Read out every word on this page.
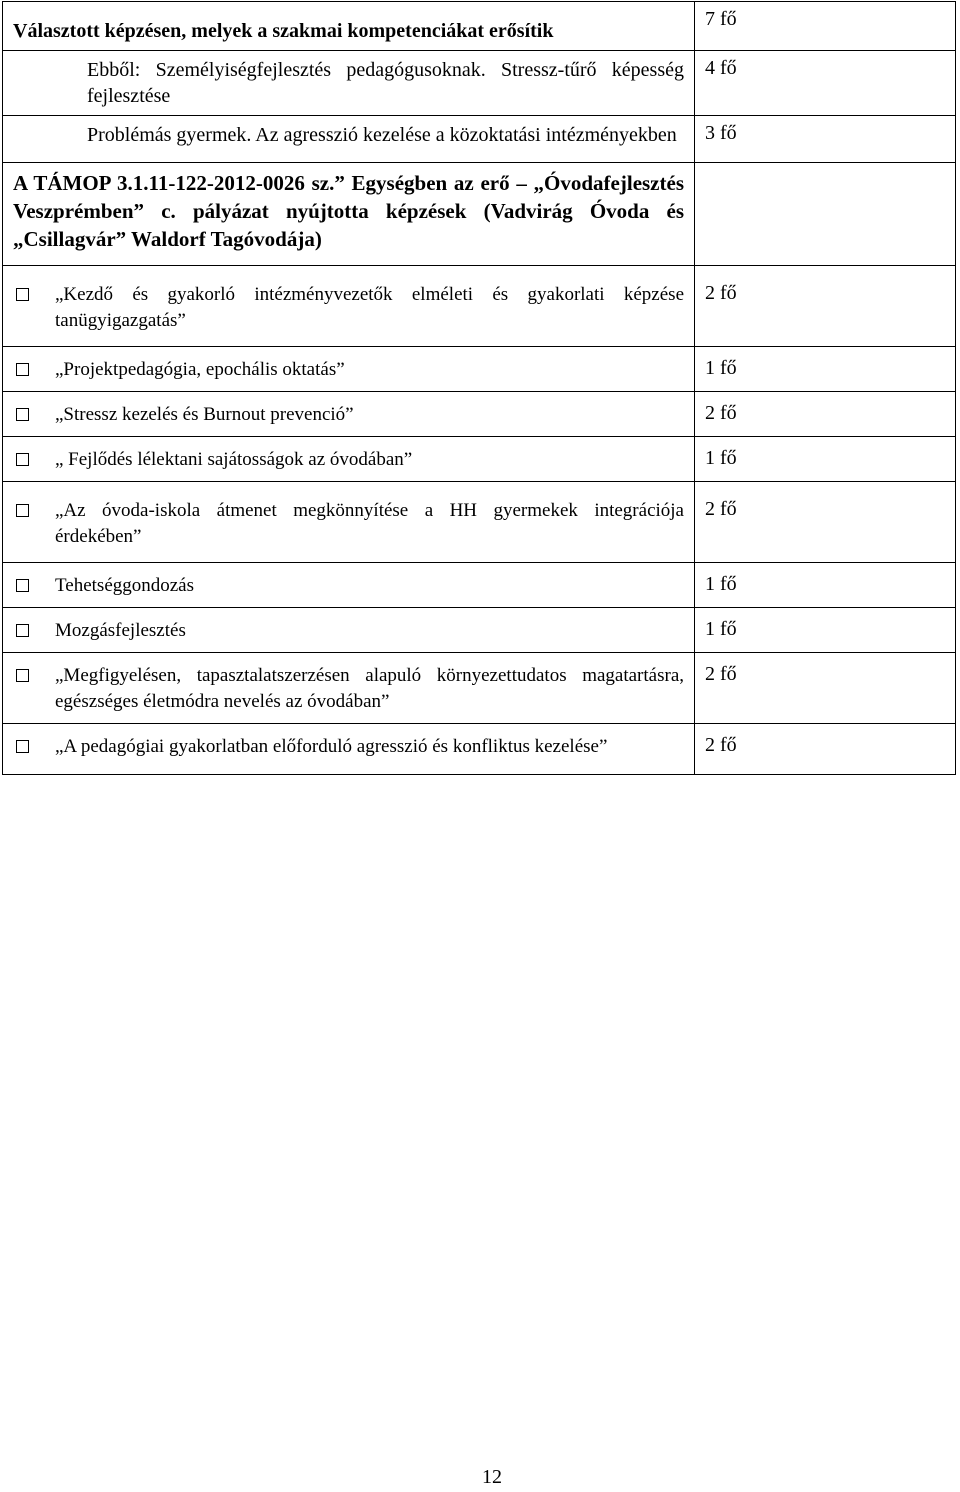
Választott képzésen, melyek a szakmai kompetenciákat erősítik	7 fő
Ebből: Személyiségfejlesztés pedagógusoknak. Stressz-tűrő képesség fejlesztése	4 fő
Problémás gyermek. Az agresszió kezelése a közoktatási intézményekben	3 fő
A TÁMOP 3.1.11-122-2012-0026 sz.” Egységben az erő – „Óvodafejlesztés Veszprémben” c. pályázat nyújtotta képzések (Vadvirág Óvoda és „Csillagvár” Waldorf Tagóvodája)	

„Kezdő és gyakorló intézményvezetők elméleti és gyakorlati képzése tanügyigazgatás”	2 fő

„Projektpedagógia, epochális oktatás”	1 fő

„Stressz kezelés és Burnout prevenció”	2 fő

„ Fejlődés lélektani sajátosságok az óvodában”	1 fő

„Az óvoda-iskola átmenet megkönnyítése a HH gyermekek integrációja érdekében”	2 fő

Tehetséggondozás	1 fő

Mozgásfejlesztés	1 fő

„Megfigyelésen, tapasztalatszerzésen alapuló környezettudatos magatartásra, egészséges életmódra nevelés az óvodában”	2 fő

„A pedagógiai gyakorlatban előforduló agresszió és konfliktus kezelése”	2 fő
12
